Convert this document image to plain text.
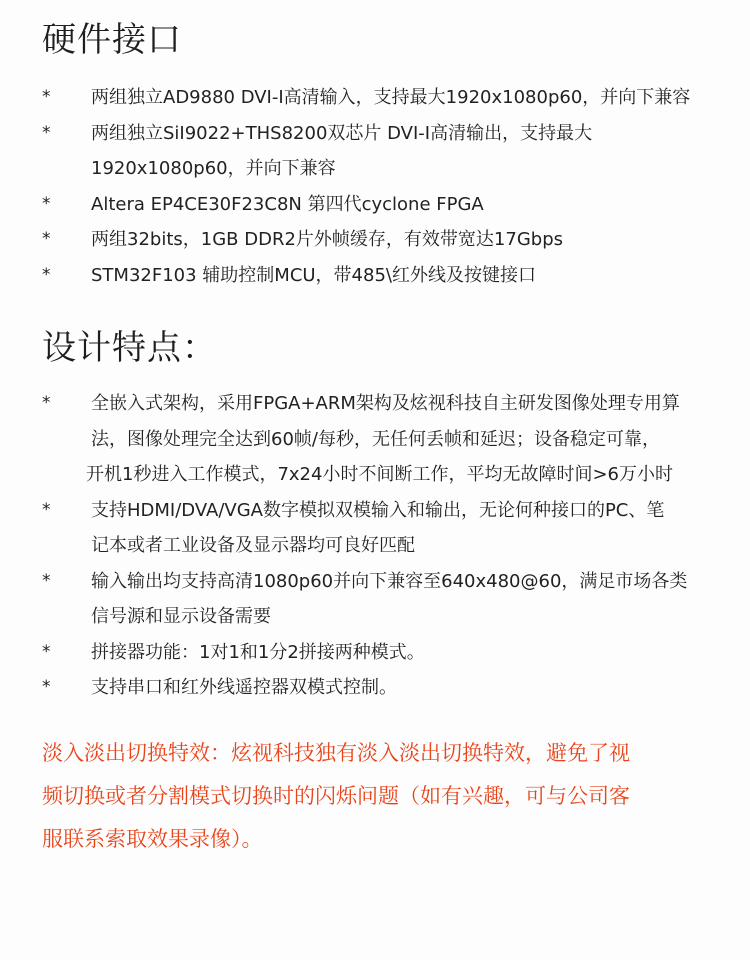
硬件接口
* 两组独立AD9880 DVI-I高清输入，支持最大1920x1080p60，并向下兼容
* 两组独立SiI9022+THS8200双芯片 DVI-I高清输出，支持最大
1920x1080p60，并向下兼容
* Altera EP4CE30F23C8N 第四代cyclone FPGA
* 两组32bits，1GB DDR2片外帧缓存，有效带宽达17Gbps
* STM32F103 辅助控制MCU，带485\红外线及按键接口
设计特点：
* 全嵌入式架构，采用FPGA+ARM架构及炫视科技自主研发图像处理专用算
法，图像处理完全达到60帧/每秒，无任何丢帧和延迟；设备稳定可靠，
开机1秒进入工作模式，7x24小时不间断工作，平均无故障时间>6万小时
* 支持HDMI/DVA/VGA数字模拟双模输入和输出，无论何种接口的PC、笔
记本或者工业设备及显示器均可良好匹配
* 输入输出均支持高清1080p60并向下兼容至640x480@60，满足市场各类
信号源和显示设备需要
* 拼接器功能：1对1和1分2拼接两种模式。
* 支持串口和红外线遥控器双模式控制。

淡入淡出切换特效：炫视科技独有淡入淡出切换特效，避免了视
频切换或者分割模式切换时的闪烁问题（如有兴趣，可与公司客
服联系索取效果录像）。
